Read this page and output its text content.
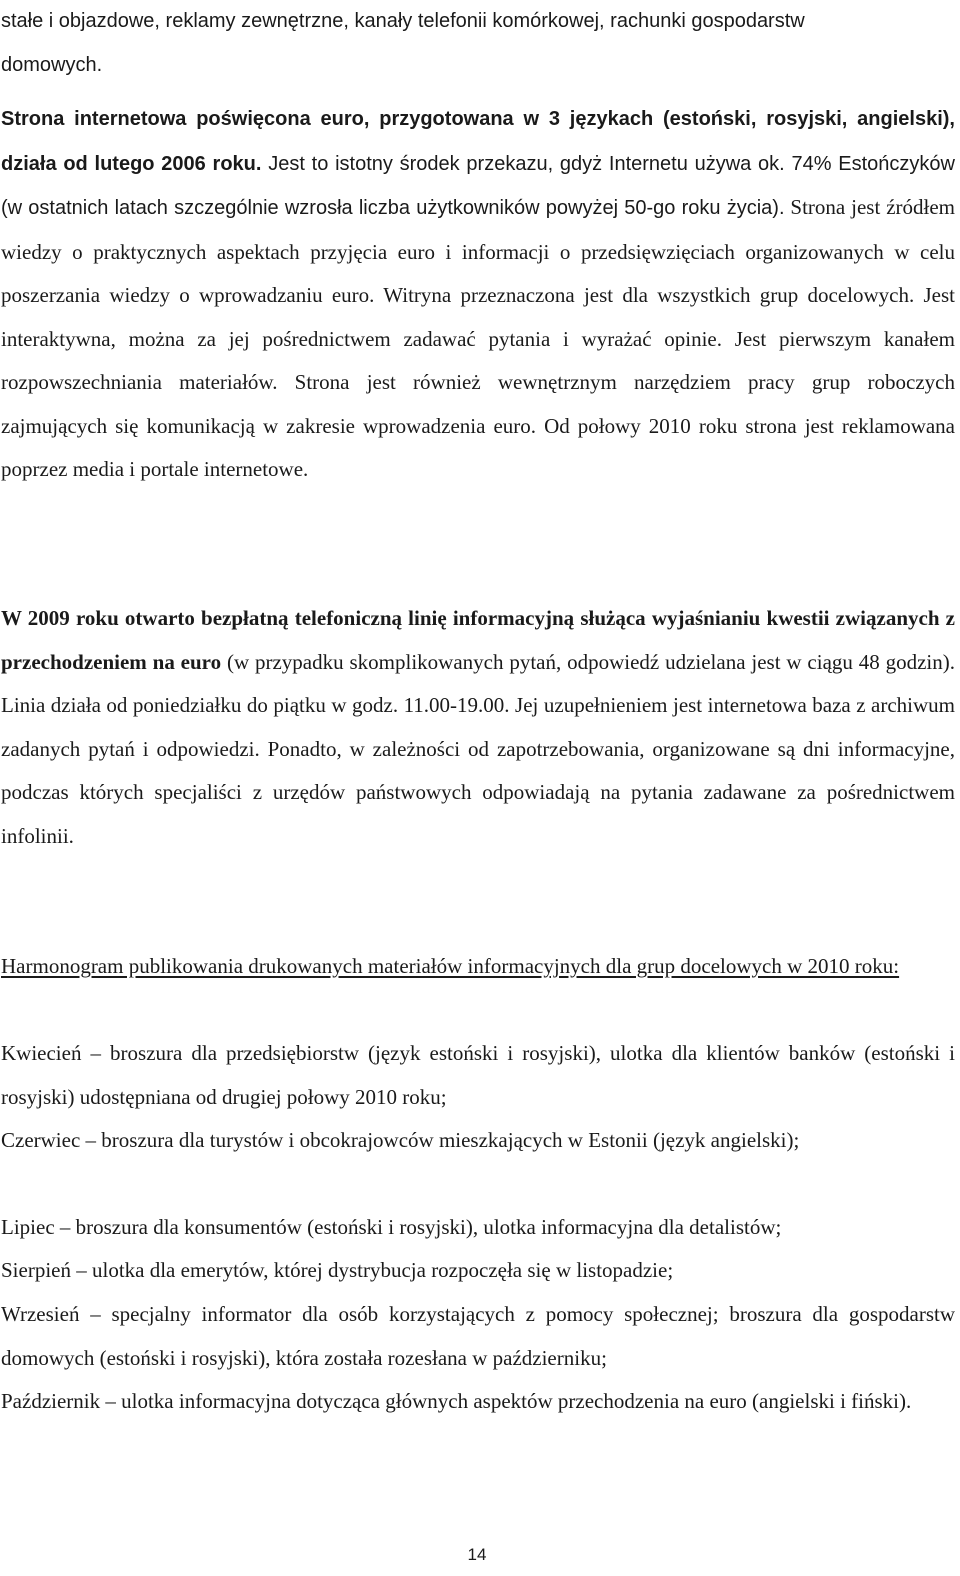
stałe i objazdowe, reklamy zewnętrzne, kanały telefonii komórkowej, rachunki gospodarstw
domowych.

Strona internetowa poświęcona euro, przygotowana w 3 językach (estoński, rosyjski, angielski), działa od lutego 2006 roku. Jest to istotny środek przekazu, gdyż Internetu używa ok. 74% Estończyków (w ostatnich latach szczególnie wzrosła liczba użytkowników powyżej 50-go roku życia). Strona jest źródłem wiedzy o praktycznych aspektach przyjęcia euro i informacji o przedsięwzięciach organizowanych w celu poszerzania wiedzy o wprowadzaniu euro. Witryna przeznaczona jest dla wszystkich grup docelowych. Jest interaktywna, można za jej pośrednictwem zadawać pytania i wyrażać opinie. Jest pierwszym kanałem rozpowszechniania materiałów. Strona jest również wewnętrznym narzędziem pracy grup roboczych zajmujących się komunikacją w zakresie wprowadzenia euro. Od połowy 2010 roku strona jest reklamowana poprzez media i portale internetowe.

W 2009 roku otwarto bezpłatną telefoniczną linię informacyjną służąca wyjaśnianiu kwestii związanych z przechodzeniem na euro (w przypadku skomplikowanych pytań, odpowiedź udzielana jest w ciągu 48 godzin). Linia działa od poniedziałku do piątku w godz. 11.00-19.00. Jej uzupełnieniem jest internetowa baza z archiwum zadanych pytań i odpowiedzi. Ponadto, w zależności od zapotrzebowania, organizowane są dni informacyjne, podczas których specjaliści z urzędów państwowych odpowiadają na pytania zadawane za pośrednictwem infolinii.

Harmonogram publikowania drukowanych materiałów informacyjnych dla grup docelowych w 2010 roku:

Kwiecień – broszura dla przedsiębiorstw (język estoński i rosyjski), ulotka dla klientów banków (estoński i rosyjski) udostępniana od drugiej połowy 2010 roku;

Czerwiec – broszura dla turystów i obcokrajowców mieszkających w Estonii (język angielski);

Lipiec – broszura dla konsumentów (estoński i rosyjski), ulotka informacyjna dla detalistów;

Sierpień – ulotka dla emerytów, której dystrybucja rozpoczęła się w listopadzie;

Wrzesień – specjalny informator dla osób korzystających z pomocy społecznej; broszura dla gospodarstw domowych (estoński i rosyjski), która została rozesłana w październiku;

Październik – ulotka informacyjna dotycząca głównych aspektów przechodzenia na euro (angielski i fiński).

14
